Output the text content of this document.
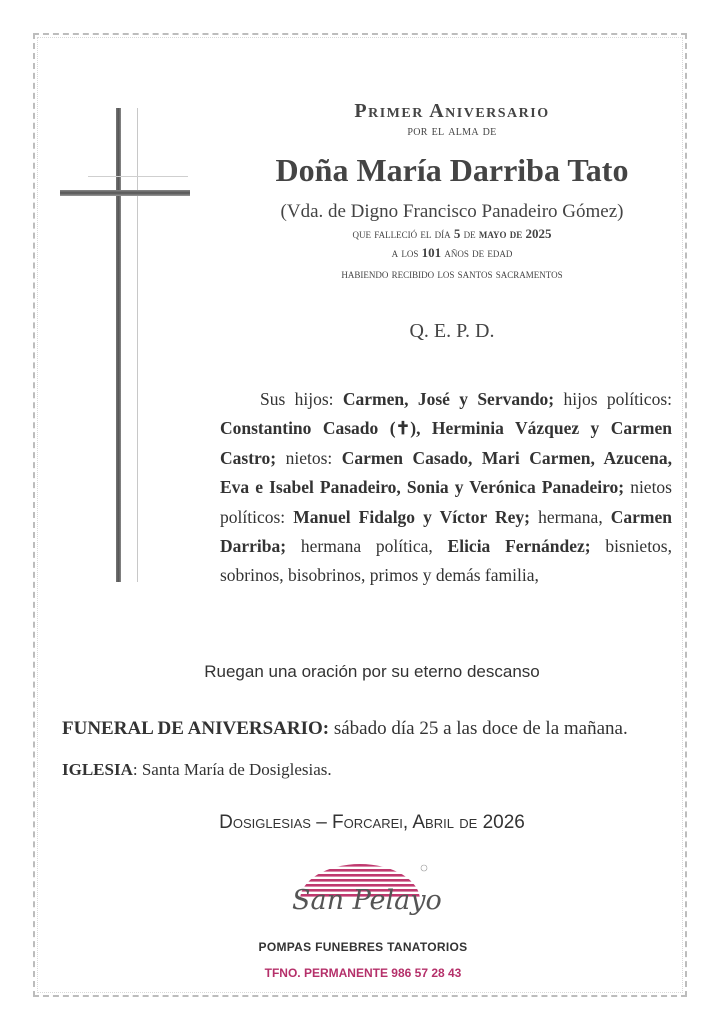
Primer Aniversario
por el alma de
Doña María Darriba Tato
(Vda. de Digno Francisco Panadeiro Gómez)
que falleció el día 5 de mayo de 2025
a los 101 años de edad
habiendo recibido los santos sacramentos
Q. E. P. D.
Sus hijos: Carmen, José y Servando; hijos políticos: Constantino Casado (✝), Herminia Vázquez y Carmen Castro; nietos: Carmen Casado, Mari Carmen, Azucena, Eva e Isabel Panadeiro, Sonia y Verónica Panadeiro; nietos políticos: Manuel Fidalgo y Víctor Rey; hermana, Carmen Darriba; hermana política, Elicia Fernández; bisnietos, sobrinos, bisobrinos, primos y demás familia,
Ruegan una oración por su eterno descanso
FUNERAL DE ANIVERSARIO: sábado día 25 a las doce de la mañana.
IGLESIA: Santa María de Dosiglesias.
Dosiglesias – Forcarei, Abril de 2026
San Pelayo
POMPAS FUNEBRES TANATORIOS
TFNO. PERMANENTE 986 57 28 43
